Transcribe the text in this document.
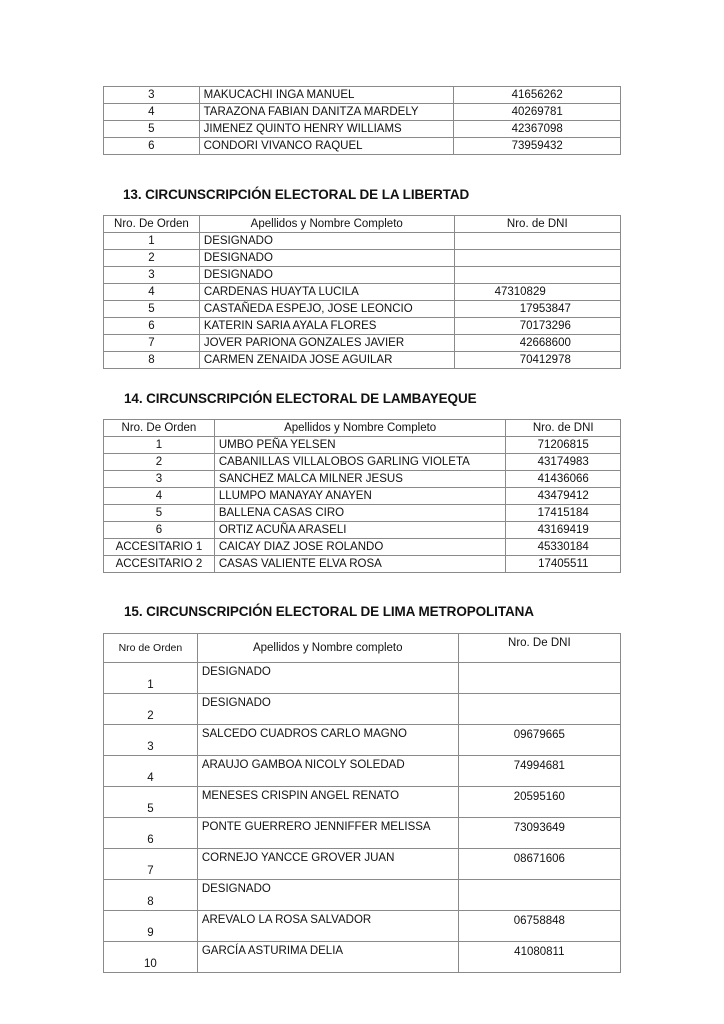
3	MAKUCACHI INGA MANUEL	41656262
4	TARAZONA FABIAN DANITZA MARDELY	40269781
5	JIMENEZ QUINTO HENRY WILLIAMS	42367098
6	CONDORI VIVANCO RAQUEL	73959432
13. CIRCUNSCRIPCIÓN ELECTORAL DE LA LIBERTAD
Nro. De Orden	Apellidos y Nombre Completo	Nro. de DNI
1	DESIGNADO	
2	DESIGNADO	
3	DESIGNADO	
4	CARDENAS HUAYTA LUCILA	47310829
5	CASTAÑEDA ESPEJO, JOSE LEONCIO	17953847
6	KATERIN SARIA AYALA FLORES	70173296
7	JOVER PARIONA GONZALES JAVIER	42668600
8	CARMEN ZENAIDA JOSE AGUILAR	70412978
14. CIRCUNSCRIPCIÓN ELECTORAL DE LAMBAYEQUE
Nro. De Orden	Apellidos y Nombre Completo	Nro. de DNI
1	UMBO PEÑA YELSEN	71206815
2	CABANILLAS VILLALOBOS GARLING VIOLETA	43174983
3	SANCHEZ MALCA MILNER JESUS	41436066
4	LLUMPO MANAYAY ANAYEN	43479412
5	BALLENA CASAS CIRO	17415184
6	ORTIZ ACUÑA ARASELI	43169419
ACCESITARIO 1	CAICAY DIAZ JOSE ROLANDO	45330184
ACCESITARIO 2	CASAS VALIENTE ELVA ROSA	17405511
15. CIRCUNSCRIPCIÓN ELECTORAL DE LIMA METROPOLITANA
Nro de Orden	Apellidos y Nombre completo	Nro. De DNI
1	DESIGNADO	
2	DESIGNADO	
3	SALCEDO CUADROS CARLO MAGNO	09679665
4	ARAUJO GAMBOA NICOLY SOLEDAD	74994681
5	MENESES CRISPIN ANGEL RENATO	20595160
6	PONTE GUERRERO JENNIFFER MELISSA	73093649
7	CORNEJO YANCCE GROVER JUAN	08671606
8	DESIGNADO	
9	AREVALO LA ROSA SALVADOR	06758848
10	GARCÍA ASTURIMA DELIA	41080811
